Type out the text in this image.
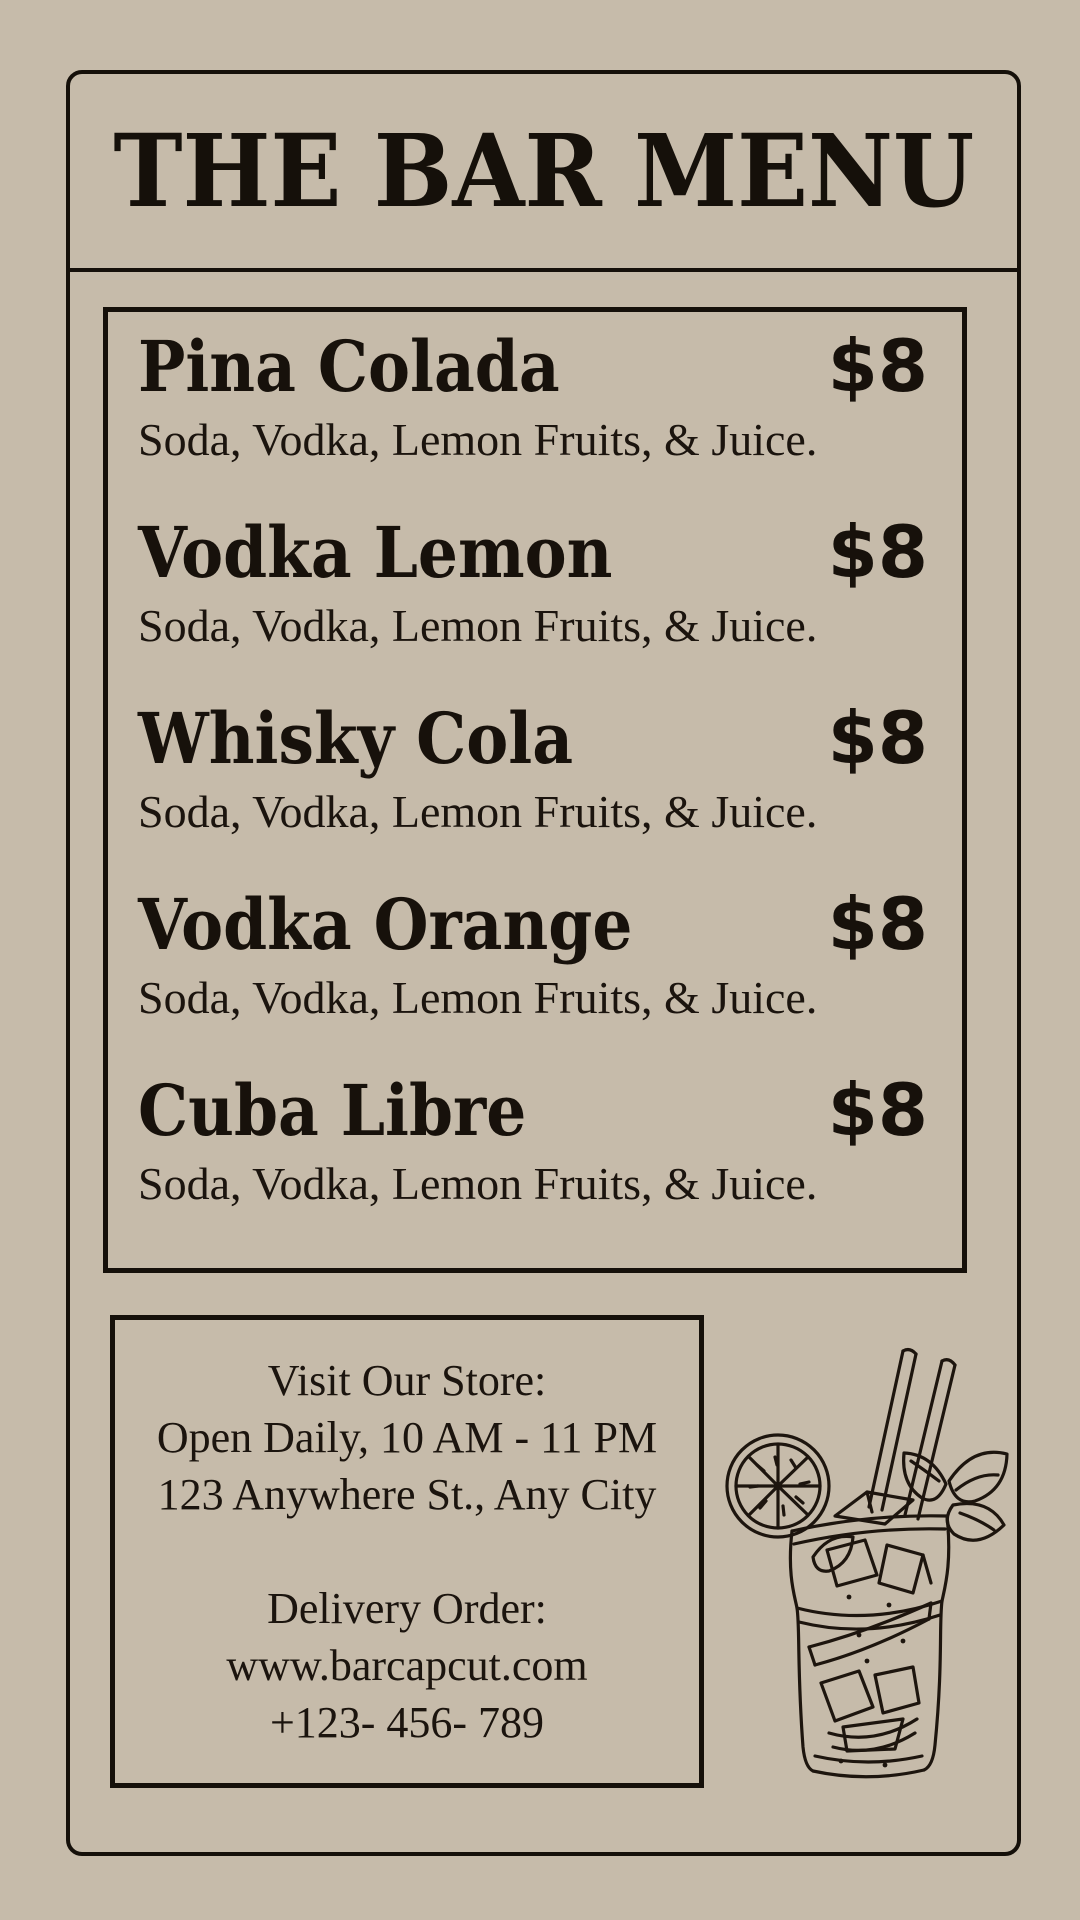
THE BAR MENU
Pina Colada	$8
Soda, Vodka, Lemon Fruits, & Juice.
Vodka Lemon	$8
Soda, Vodka, Lemon Fruits, & Juice.
Whisky Cola	$8
Soda, Vodka, Lemon Fruits, & Juice.
Vodka Orange	$8
Soda, Vodka, Lemon Fruits, & Juice.
Cuba Libre	$8
Soda, Vodka, Lemon Fruits, & Juice.
Visit Our Store:
Open Daily, 10 AM - 11 PM
123 Anywhere St., Any City
Delivery Order:
www.barcapcut.com
+123- 456- 789
